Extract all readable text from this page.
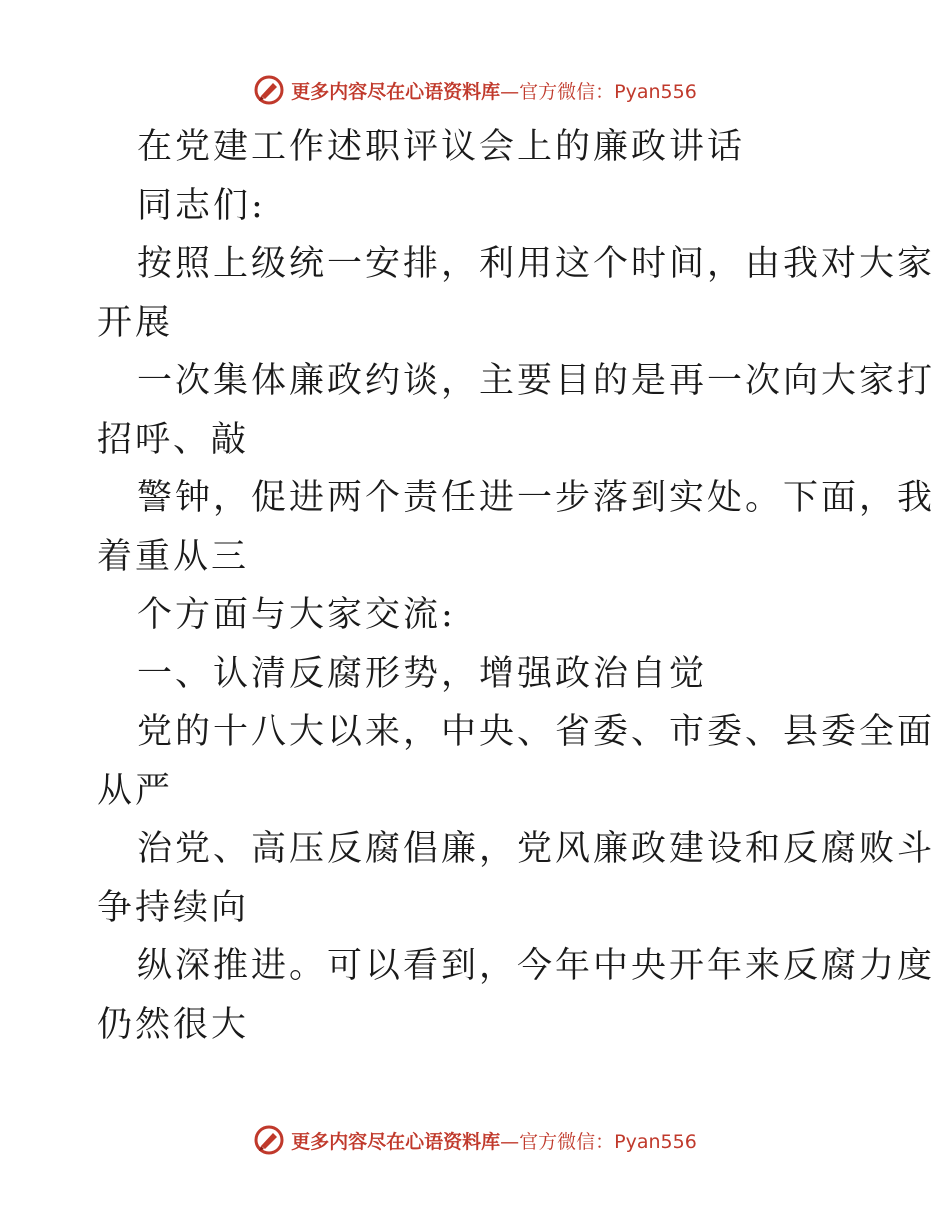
更多内容尽在心语资料库 —官方微信：Pyan556
在党建工作述职评议会上的廉政讲话
同志们:
按照上级统一安排，利用这个时间，由我对大家
开展
一次集体廉政约谈，主要目的是再一次向大家打
招呼、敲
警钟，促进两个责任进一步落到实处。下面，我
着重从三
个方面与大家交流:
一、认清反腐形势，增强政治自觉
党的十八大以来，中央、省委、市委、县委全面
从严
治党、高压反腐倡廉，党风廉政建设和反腐败斗
争持续向
纵深推进。可以看到，今年中央开年来反腐力度
仍然很大
更多内容尽在心语资料库 —官方微信：Pyan556
